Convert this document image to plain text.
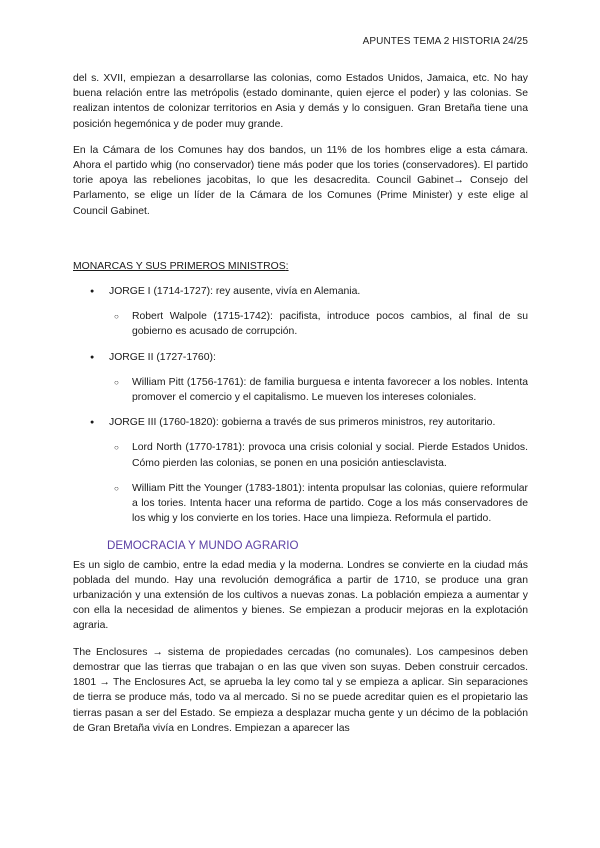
APUNTES TEMA 2 HISTORIA 24/25

del s. XVII, empiezan a desarrollarse las colonias, como Estados Unidos, Jamaica, etc. No hay buena relación entre las metrópolis (estado dominante, quien ejerce el poder) y las colonias. Se realizan intentos de colonizar territorios en Asia y demás y lo consiguen. Gran Bretaña tiene una posición hegemónica y de poder muy grande.

En la Cámara de los Comunes hay dos bandos, un 11% de los hombres elige a esta cámara. Ahora el partido whig (no conservador) tiene más poder que los tories (conservadores). El partido torie apoya las rebeliones jacobitas, lo que les desacredita. Council Gabinet→ Consejo del Parlamento, se elige un líder de la Cámara de los Comunes (Prime Minister) y este elige al Council Gabinet.

MONARCAS Y SUS PRIMEROS MINISTROS:
● JORGE I (1714-1727): rey ausente, vivía en Alemania.
○ Robert Walpole (1715-1742): pacifista, introduce pocos cambios, al final de su gobierno es acusado de corrupción.
● JORGE II (1727-1760):
○ William Pitt (1756-1761): de familia burguesa e intenta favorecer a los nobles. Intenta promover el comercio y el capitalismo. Le mueven los intereses coloniales.
● JORGE III (1760-1820): gobierna a través de sus primeros ministros, rey autoritario.
○ Lord North (1770-1781): provoca una crisis colonial y social. Pierde Estados Unidos. Cómo pierden las colonias, se ponen en una posición antiesclavista.
○ William Pitt the Younger (1783-1801): intenta propulsar las colonias, quiere reformular a los tories. Intenta hacer una reforma de partido. Coge a los más conservadores de los whig y los convierte en los tories. Hace una limpieza. Reformula el partido.
DEMOCRACIA Y MUNDO AGRARIO

Es un siglo de cambio, entre la edad media y la moderna. Londres se convierte en la ciudad más poblada del mundo. Hay una revolución demográfica a partir de 1710, se produce una gran urbanización y una extensión de los cultivos a nuevas zonas. La población empieza a aumentar y con ella la necesidad de alimentos y bienes. Se empiezan a producir mejoras en la explotación agraria.

The Enclosures → sistema de propiedades cercadas (no comunales). Los campesinos deben demostrar que las tierras que trabajan o en las que viven son suyas. Deben construir cercados. 1801 → The Enclosures Act, se aprueba la ley como tal y se empieza a aplicar. Sin separaciones de tierra se produce más, todo va al mercado. Si no se puede acreditar quien es el propietario las tierras pasan a ser del Estado. Se empieza a desplazar mucha gente y un décimo de la población de Gran Bretaña vivía en Londres. Empiezan a aparecer las
